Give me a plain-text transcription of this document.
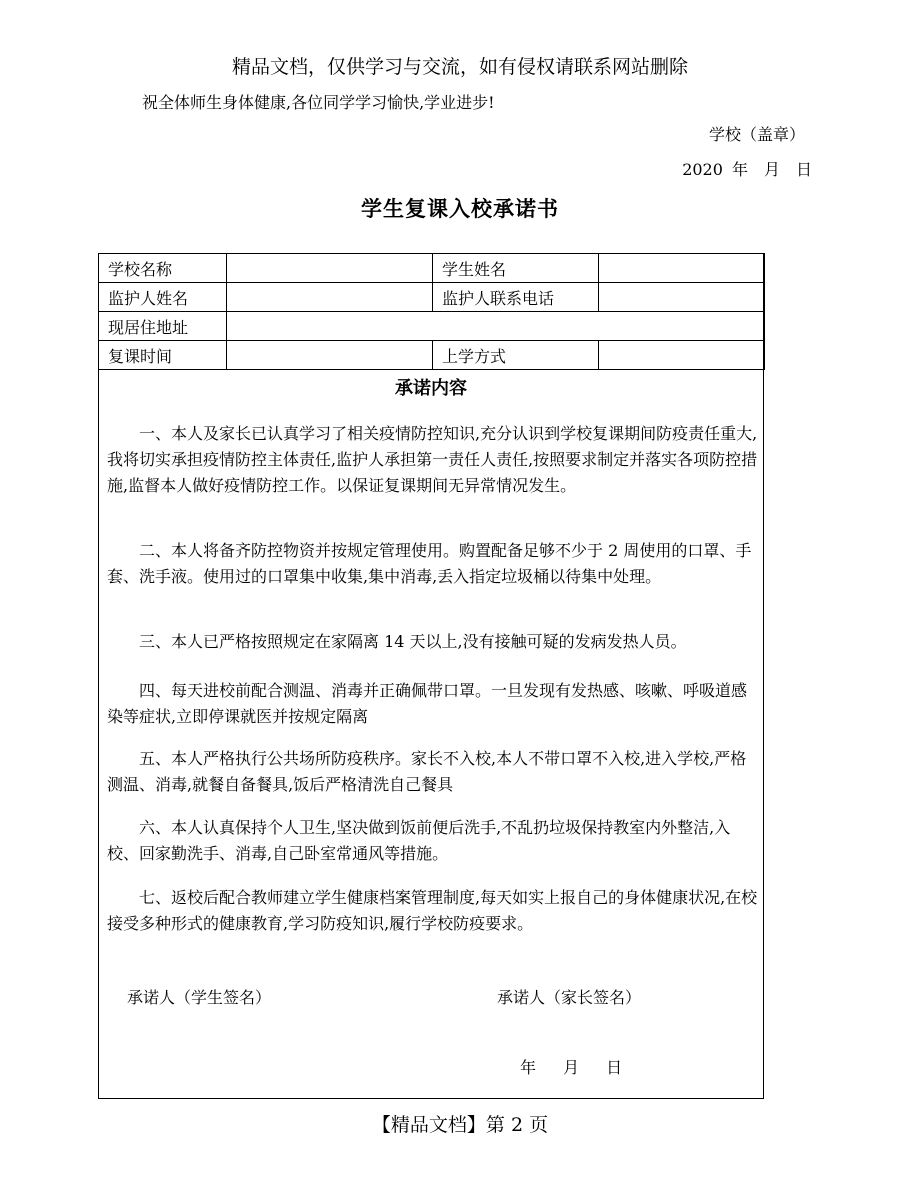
精品文档，仅供学习与交流，如有侵权请联系网站删除
祝全体师生身体健康,各位同学学习愉快,学业进步!
学校（盖章）
2020 年　月　日
学生复课入校承诺书
学校名称		学生姓名	
监护人姓名		监护人联系电话	
现居住地址			
复课时间		上学方式	
承诺内容
一、本人及家长已认真学习了相关疫情防控知识,充分认识到学校复课期间防疫责任重大,我将切实承担疫情防控主体责任,监护人承担第一责任人责任,按照要求制定并落实各项防控措施,监督本人做好疫情防控工作。以保证复课期间无异常情况发生。
二、本人将备齐防控物资并按规定管理使用。购置配备足够不少于 2 周使用的口罩、手套、洗手液。使用过的口罩集中收集,集中消毒,丢入指定垃圾桶以待集中处理。
三、本人已严格按照规定在家隔离 14 天以上,没有接触可疑的发病发热人员。
四、每天进校前配合测温、消毒并正确佩带口罩。一旦发现有发热感、咳嗽、呼吸道感染等症状,立即停课就医并按规定隔离
五、本人严格执行公共场所防疫秩序。家长不入校,本人不带口罩不入校,进入学校,严格测温、消毒,就餐自备餐具,饭后严格清洗自己餐具
六、本人认真保持个人卫生,坚决做到饭前便后洗手,不乱扔垃圾保持教室内外整洁,入校、回家勤洗手、消毒,自己卧室常通风等措施。
七、返校后配合教师建立学生健康档案管理制度,每天如实上报自己的身体健康状况,在校接受多种形式的健康教育,学习防疫知识,履行学校防疫要求。
承诺人（学生签名）	承诺人（家长签名）
年 月 日
【精品文档】第 2 页
